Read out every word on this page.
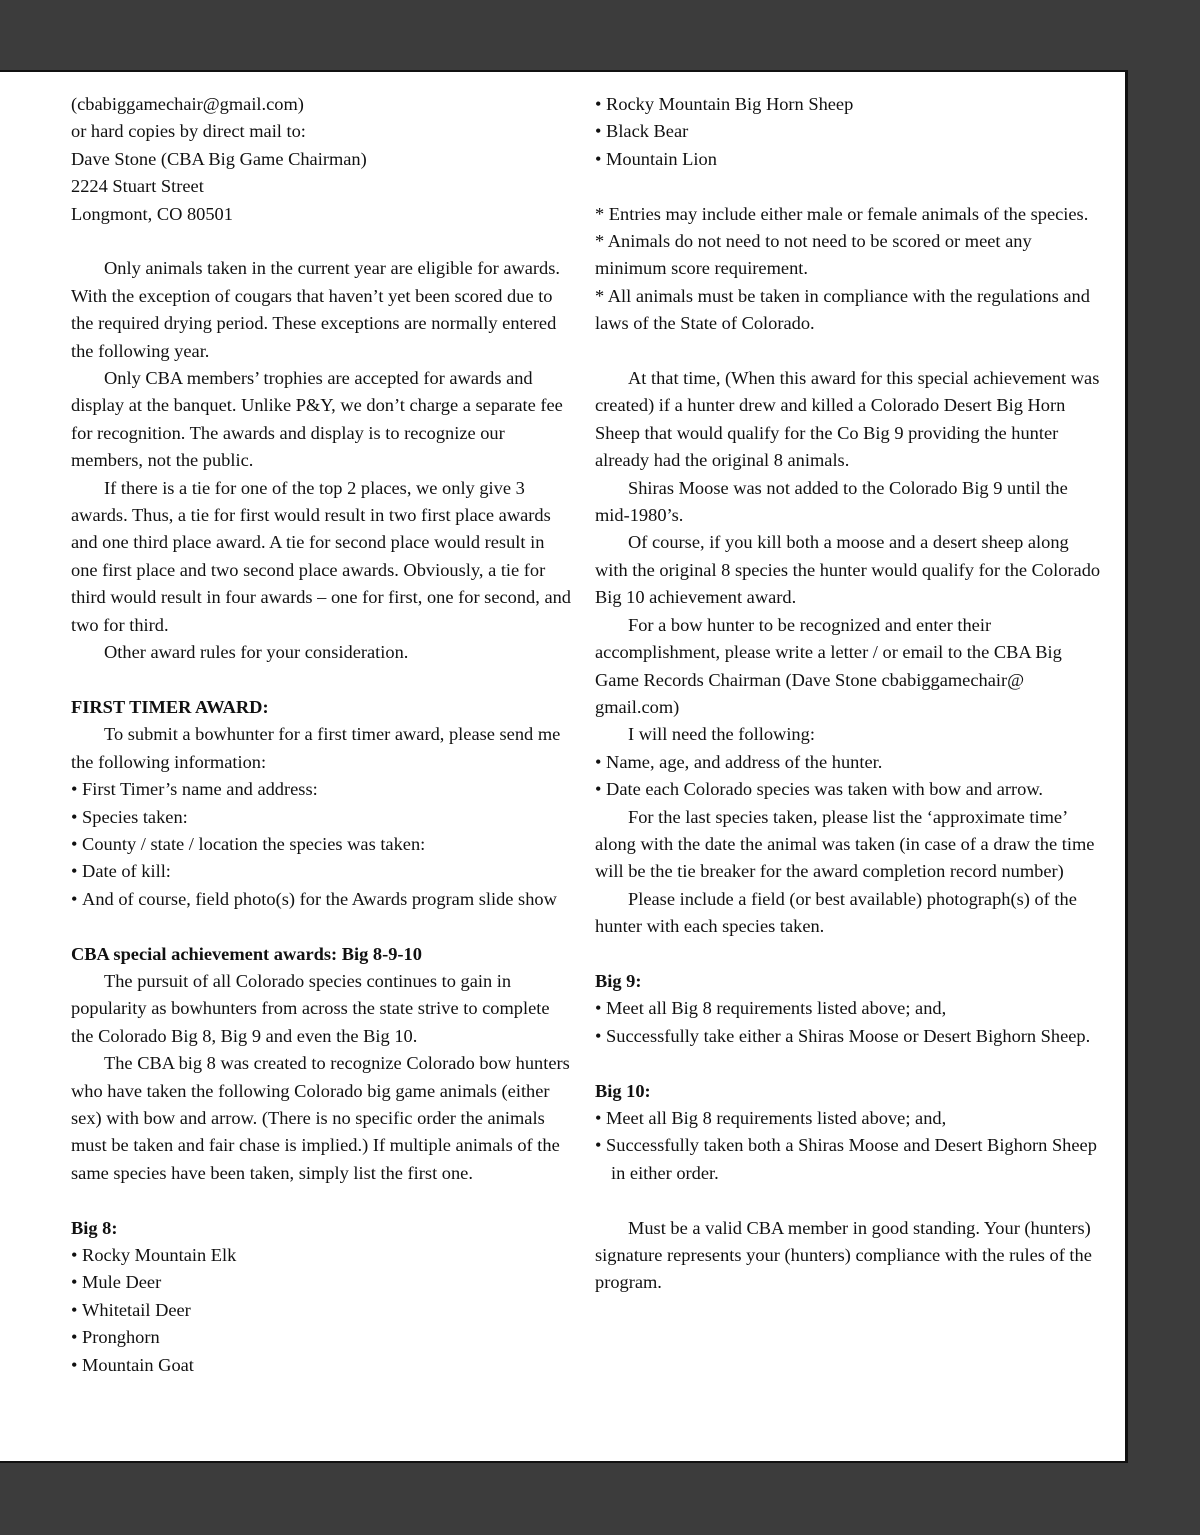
(cbabiggamechair@gmail.com)

or hard copies by direct mail to:

Dave Stone (CBA Big Game Chairman)

2224 Stuart Street

Longmont, CO 80501

Only animals taken in the current year are eligible for awards. With the exception of cougars that haven’t yet been scored due to the required drying period. These exceptions are normally entered the following year.

Only CBA members’ trophies are accepted for awards and display at the banquet. Unlike P&Y, we don’t charge a separate fee for recognition. The awards and display is to recognize our members, not the public.

If there is a tie for one of the top 2 places, we only give 3 awards. Thus, a tie for first would result in two first place awards and one third place award. A tie for second place would result in one first place and two second place awards. Obviously, a tie for third would result in four awards – one for first, one for second, and two for third.

Other award rules for your consideration.

FIRST TIMER AWARD:

To submit a bowhunter for a first timer award, please send me the following information:

• First Timer’s name and address:

• Species taken:

• County / state / location the species was taken:

• Date of kill:

• And of course, field photo(s) for the Awards program slide show

CBA special achievement awards: Big 8-9-10

The pursuit of all Colorado species continues to gain in popularity as bowhunters from across the state strive to complete the Colorado Big 8, Big 9 and even the Big 10.

The CBA big 8 was created to recognize Colorado bow hunters who have taken the following Colorado big game animals (either sex) with bow and arrow. (There is no specific order the animals must be taken and fair chase is implied.) If multiple animals of the same species have been taken, simply list the first one.

Big 8:

• Rocky Mountain Elk

• Mule Deer

• Whitetail Deer

• Pronghorn

• Mountain Goat

• Rocky Mountain Big Horn Sheep

• Black Bear

• Mountain Lion

* Entries may include either male or female animals of the species.

* Animals do not need to not need to be scored or meet any minimum score requirement.

* All animals must be taken in compliance with the regulations and laws of the State of Colorado.

At that time, (When this award for this special achievement was created) if a hunter drew and killed a Colorado Desert Big Horn Sheep that would qualify for the Co Big 9 providing the hunter already had the original 8 animals.

Shiras Moose was not added to the Colorado Big 9 until the mid-1980’s.

Of course, if you kill both a moose and a desert sheep along with the original 8 species the hunter would qualify for the Colorado Big 10 achievement award.

For a bow hunter to be recognized and enter their accomplishment, please write a letter / or email to the CBA Big Game Records Chairman (Dave Stone cbabiggamechair@ gmail.com)

I will need the following:

• Name, age, and address of the hunter.

• Date each Colorado species was taken with bow and arrow.

For the last species taken, please list the ‘approximate time’ along with the date the animal was taken (in case of a draw the time will be the tie breaker for the award completion record number)

Please include a field (or best available) photograph(s) of the hunter with each species taken.

Big 9:

• Meet all Big 8 requirements listed above; and,

• Successfully take either a Shiras Moose or Desert Bighorn Sheep.

Big 10:

• Meet all Big 8 requirements listed above; and,

• Successfully taken both a Shiras Moose and Desert Bighorn Sheep in either order.

Must be a valid CBA member in good standing. Your (hunters) signature represents your (hunters) compliance with the rules of the program.
